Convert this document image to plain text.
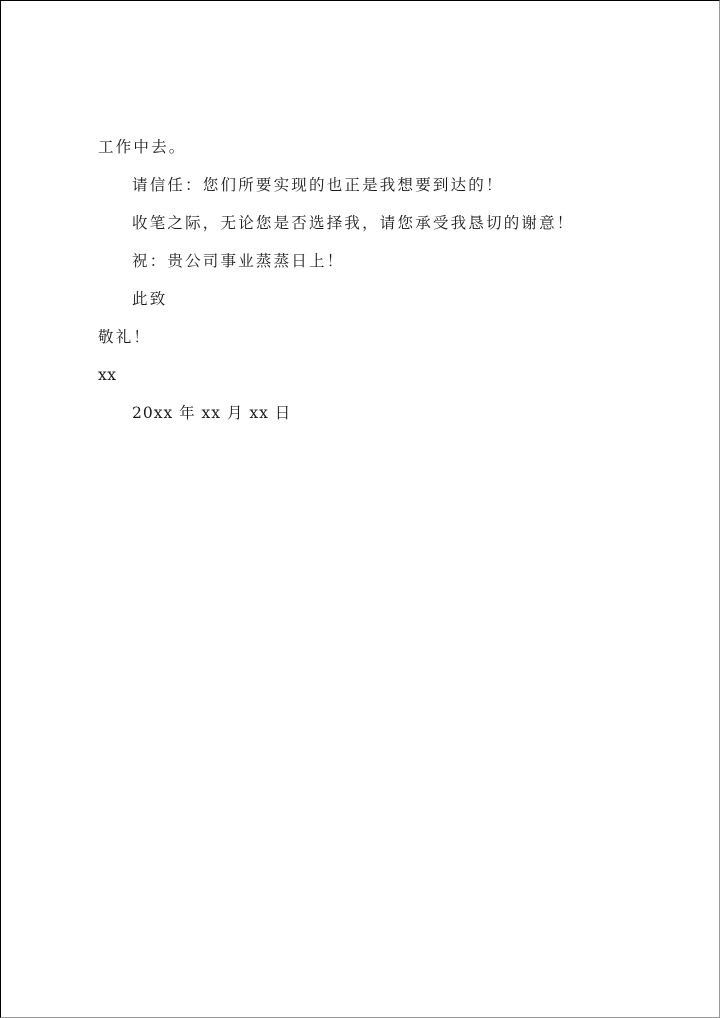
工作中去。
请信任：您们所要实现的也正是我想要到达的！
收笔之际，无论您是否选择我，请您承受我恳切的谢意！
祝：贵公司事业蒸蒸日上！
此致
敬礼！
xx
20xx 年 xx 月 xx 日
